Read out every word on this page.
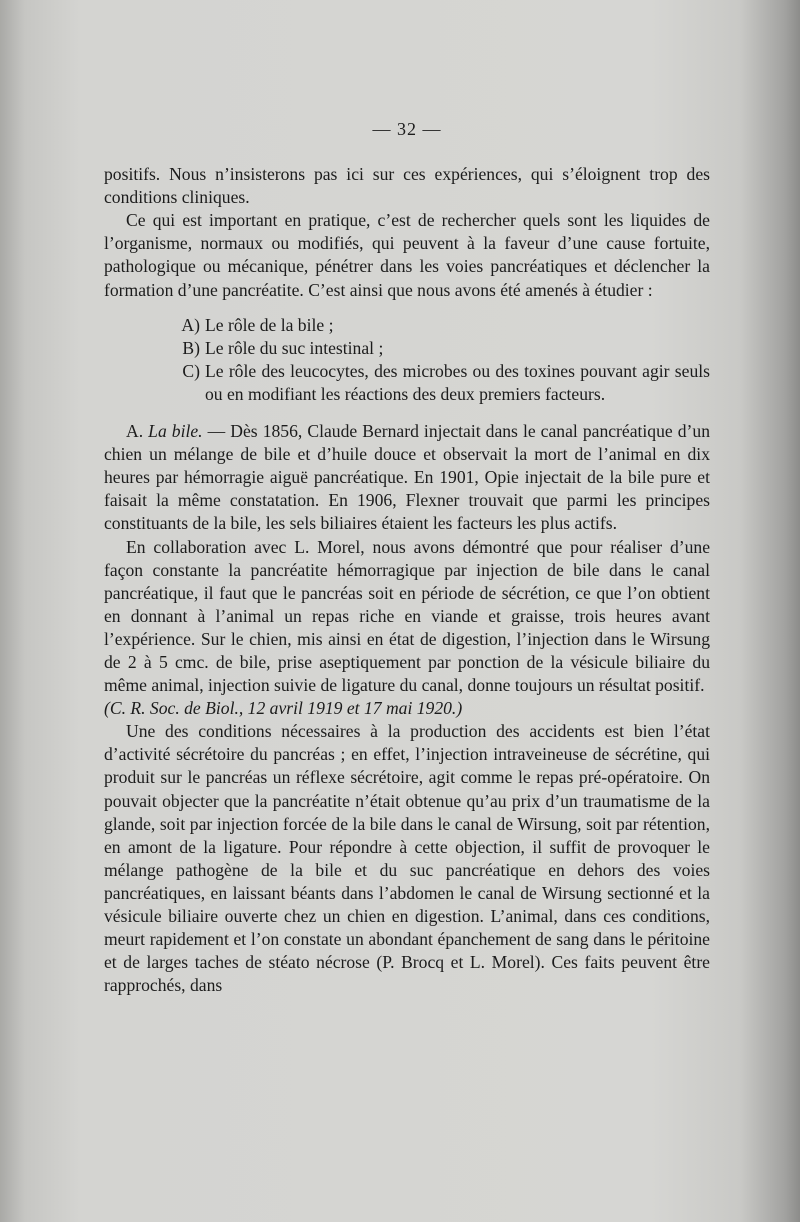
— 32 —

positifs. Nous n’insisterons pas ici sur ces expériences, qui s’éloignent trop des conditions cliniques.

Ce qui est important en pratique, c’est de rechercher quels sont les liquides de l’organisme, normaux ou modifiés, qui peuvent à la faveur d’une cause fortuite, pathologique ou mécanique, pénétrer dans les voies pancréatiques et déclencher la formation d’une pancréatite. C’est ainsi que nous avons été amenés à étudier :

A) Le rôle de la bile ;
B) Le rôle du suc intestinal ;
C) Le rôle des leucocytes, des microbes ou des toxines pouvant agir seuls ou en modifiant les réactions des deux premiers facteurs.

A. La bile. — Dès 1856, Claude Bernard injectait dans le canal pancréatique d’un chien un mélange de bile et d’huile douce et observait la mort de l’animal en dix heures par hémorragie aiguë pancréatique. En 1901, Opie injectait de la bile pure et faisait la même constatation. En 1906, Flexner trouvait que parmi les principes constituants de la bile, les sels biliaires étaient les facteurs les plus actifs.

En collaboration avec L. Morel, nous avons démontré que pour réaliser d’une façon constante la pancréatite hémorragique par injection de bile dans le canal pancréatique, il faut que le pancréas soit en période de sécrétion, ce que l’on obtient en donnant à l’animal un repas riche en viande et graisse, trois heures avant l’expérience. Sur le chien, mis ainsi en état de digestion, l’injection dans le Wirsung de 2 à 5 cmc. de bile, prise aseptiquement par ponction de la vésicule biliaire du même animal, injection suivie de ligature du canal, donne toujours un résultat positif.
(C. R. Soc. de Biol., 12 avril 1919 et 17 mai 1920.)

Une des conditions nécessaires à la production des accidents est bien l’état d’activité sécrétoire du pancréas ; en effet, l’injection intraveineuse de sécrétine, qui produit sur le pancréas un réflexe sécrétoire, agit comme le repas pré-opératoire. On pouvait objecter que la pancréatite n’était obtenue qu’au prix d’un traumatisme de la glande, soit par injection forcée de la bile dans le canal de Wirsung, soit par rétention, en amont de la ligature. Pour répondre à cette objection, il suffit de provoquer le mélange pathogène de la bile et du suc pancréatique en dehors des voies pancréatiques, en laissant béants dans l’abdomen le canal de Wirsung sectionné et la vésicule biliaire ouverte chez un chien en digestion. L’animal, dans ces conditions, meurt rapidement et l’on constate un abondant épanchement de sang dans le péritoine et de larges taches de stéato nécrose (P. Brocq et L. Morel). Ces faits peuvent être rapprochés, dans
